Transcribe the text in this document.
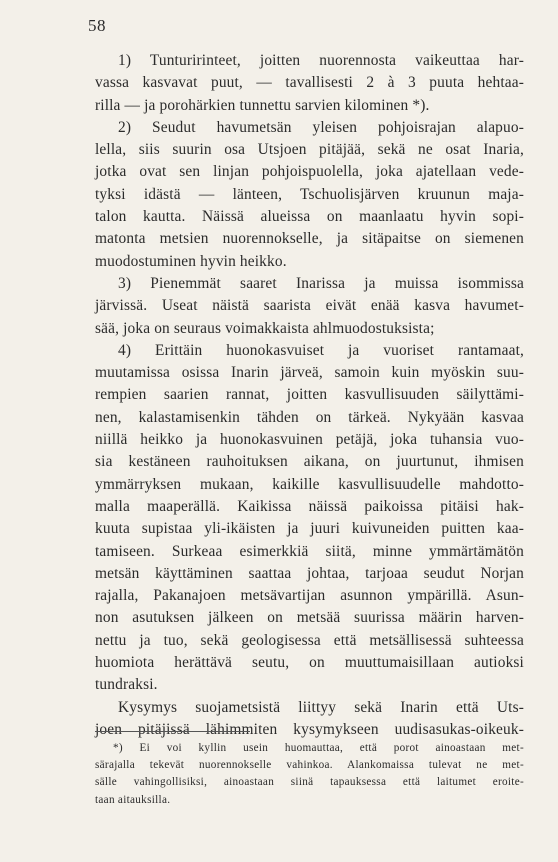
58
1) Tunturirinteet, joitten nuorennosta vaikeuttaa har-
vassa kasvavat puut, — tavallisesti 2 à 3 puuta hehtaa-
rilla — ja porohärkien tunnettu sarvien kilominen *).
2) Seudut havumetsän yleisen pohjoisrajan alapuo-
lella, siis suurin osa Utsjoen pitäjää, sekä ne osat Inaria,
jotka ovat sen linjan pohjoispuolella, joka ajatellaan vede-
tyksi idästä — länteen, Tschuolisjärven kruunun maja-
talon kautta. Näissä alueissa on maanlaatu hyvin sopi-
matonta metsien nuorennokselle, ja sitäpaitse on siemenen
muodostuminen hyvin heikko.
3) Pienemmät saaret Inarissa ja muissa isommissa
järvissä. Useat näistä saarista eivät enää kasva havumet-
sää, joka on seuraus voimakkaista ahlmuodostuksista;
4) Erittäin huonokasvuiset ja vuoriset rantamaat,
muutamissa osissa Inarin järveä, samoin kuin myöskin suu-
rempien saarien rannat, joitten kasvullisuuden säilyttämi-
nen, kalastamisenkin tähden on tärkeä. Nykyään kasvaa
niillä heikko ja huonokasvuinen petäjä, joka tuhansia vuo-
sia kestäneen rauhoituksen aikana, on juurtunut, ihmisen
ymmärryksen mukaan, kaikille kasvullisuudelle mahdotto-
malla maaperällä. Kaikissa näissä paikoissa pitäisi hak-
kuuta supistaa yli-ikäisten ja juuri kuivuneiden puitten kaa-
tamiseen. Surkeaa esimerkkiä siitä, minne ymmärtämätön
metsän käyttäminen saattaa johtaa, tarjoaa seudut Norjan
rajalla, Pakanajoen metsävartijan asunnon ympärillä. Asun-
non asutuksen jälkeen on metsää suurissa määrin harven-
nettu ja tuo, sekä geologisessa että metsällisessä suhteessa
huomiota herättävä seutu, on muuttumaisillaan autioksi
tundraksi.
Kysymys suojametsistä liittyy sekä Inarin että Uts-
joen pitäjissä lähimmiten kysymykseen uudisasukas-oikeuk-
*) Ei voi kyllin usein huomauttaa, että porot ainoastaan met-
särajalla tekevät nuorennokselle vahinkoa. Alankomaissa tulevat ne met-
sälle vahingollisiksi, ainoastaan siinä tapauksessa että laitumet eroite-
taan aitauksilla.
